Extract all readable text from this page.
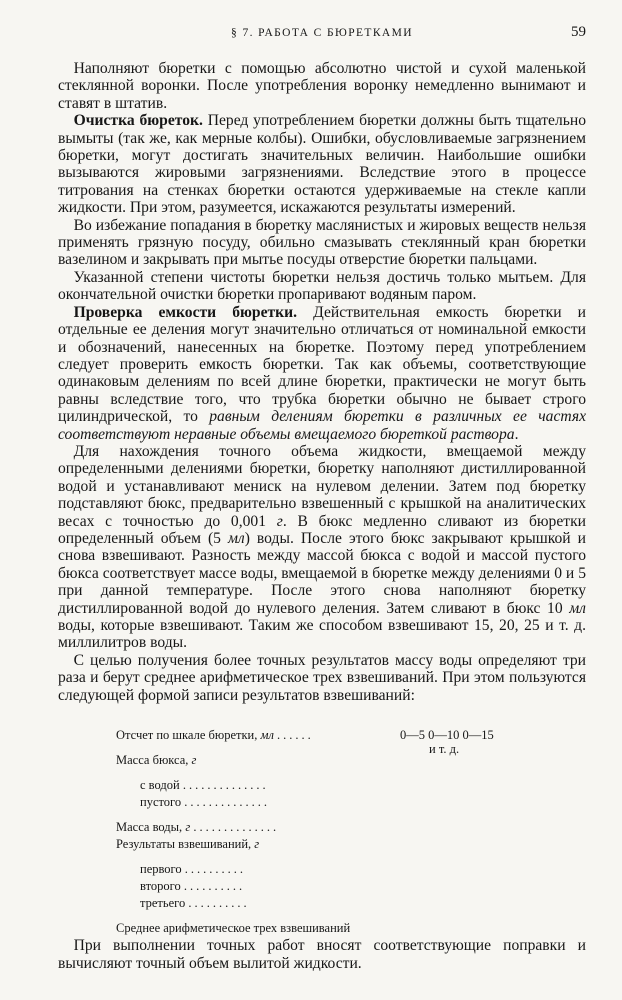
§ 7. РАБОТА С БЮРЕТКАМИ	59

 Наполняют бюретки с помощью абсолютно чистой и сухой маленькой стеклянной воронки. После употребления воронку немедленно вынимают и ставят в штатив.

 Очистка бюреток. Перед употреблением бюретки должны быть тщательно вымыты (так же, как мерные колбы). Ошибки, обусловливаемые загрязнением бюретки, могут достигать значительных величин. Наибольшие ошибки вызываются жировыми загрязнениями. Вследствие этого в процессе титрования на стенках бюретки остаются удерживаемые на стекле капли жидкости. При этом, разумеется, искажаются результаты измерений.

 Во избежание попадания в бюретку маслянистых и жировых веществ нельзя применять грязную посуду, обильно смазывать стеклянный кран бюретки вазелином и закрывать при мытье посуды отверстие бюретки пальцами.

 Указанной степени чистоты бюретки нельзя достичь только мытьем. Для окончательной очистки бюретки пропаривают водяным паром.

 Проверка емкости бюретки. Действительная емкость бюретки и отдельные ее деления могут значительно отличаться от номинальной емкости и обозначений, нанесенных на бюретке. Поэтому перед употреблением следует проверить емкость бюретки. Так как объемы, соответствующие одинаковым делениям по всей длине бюретки, практически не могут быть равны вследствие того, что трубка бюретки обычно не бывает строго цилиндрической, то равным делениям бюретки в различных ее частях соответствуют неравные объемы вмещаемого бюреткой раствора.

 Для нахождения точного объема жидкости, вмещаемой между определенными делениями бюретки, бюретку наполняют дистиллированной водой и устанавливают мениск на нулевом делении. Затем под бюретку подставляют бюкс, предварительно взвешенный с крышкой на аналитических весах с точностью до 0,001 г. В бюкс медленно сливают из бюретки определенный объем (5 мл) воды. После этого бюкс закрывают крышкой и снова взвешивают. Разность между массой бюкса с водой и массой пустого бюкса соответствует массе воды, вмещаемой в бюретке между делениями 0 и 5 при данной температуре. После этого снова наполняют бюретку дистиллированной водой до нулевого деления. Затем сливают в бюкс 10 мл воды, которые взвешивают. Таким же способом взвешивают 15, 20, 25 и т. д. миллилитров воды.

 С целью получения более точных результатов массу воды определяют три раза и берут среднее арифметическое трех взвешиваний. При этом пользуются следующей формой записи результатов взвешиваний:

Отсчет по шкале бюретки, мл ......	0—5 0—10 0—15
и т. д.
Масса бюкса, г
с водой ..............
пустого ..............
Масса воды, г ..............
Результаты взвешиваний, г
первого ..........
второго ..........
третьего ..........
Среднее арифметическое трех взвешиваний
 При выполнении точных работ вносят соответствующие поправки и вычисляют точный объем вылитой жидкости.
